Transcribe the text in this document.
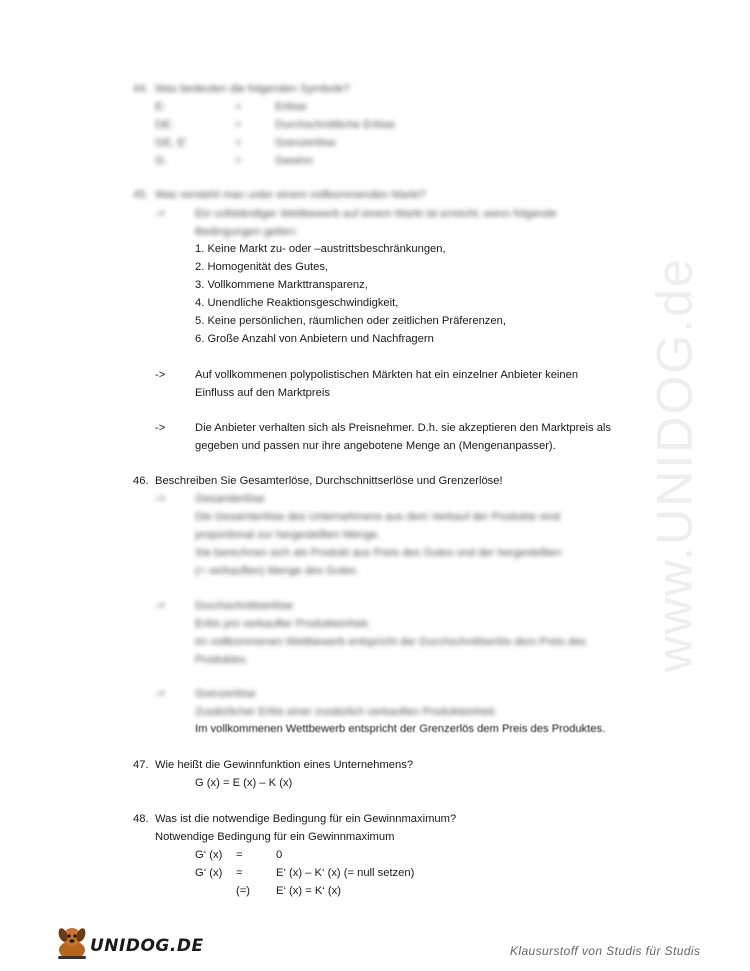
www.UNIDOG.de
44. Was bedeuten die folgenden Symbole?
E:	=	Erlöse
DE:	=	Durchschnittliche Erlöse
GE, E'	=	Grenzerlöse
G:	=	Gewinn
45. Was versteht man unter einem vollkommenden Markt?
->	Ein vollständiger Wettbewerb auf einem Markt ist erreicht, wenn folgende
Bedingungen gelten:
1. Keine Markt zu- oder –austrittsbeschränkungen,
2. Homogenität des Gutes,
3. Vollkommene Markttransparenz,
4. Unendliche Reaktionsgeschwindigkeit,
5. Keine persönlichen, räumlichen oder zeitlichen Präferenzen,
6. Große Anzahl von Anbietern und Nachfragern
->	Auf vollkommenen polypolistischen Märkten hat ein einzelner Anbieter keinen
Einfluss auf den Marktpreis
->	Die Anbieter verhalten sich als Preisnehmer. D.h. sie akzeptieren den Marktpreis als
gegeben und passen nur ihre angebotene Menge an (Mengenanpasser).
46. Beschreiben Sie Gesamterlöse, Durchschnittserlöse und Grenzerlöse!
->	Gesamterlöse
Die Gesamterlöse des Unternehmens aus dem Verkauf der Produkte sind
proportional zur hergestellten Menge.
Sie berechnen sich als Produkt aus Preis des Gutes und der hergestellten
(= verkauften) Menge des Gutes.
->	Durchschnittserlöse
Erlös pro verkaufter Produkteinheit.
Im vollkommenen Wettbewerb entspricht der Durchschnittserlös dem Preis des
Produktes.
->	Grenzerlöse
Zusätzlicher Erlös einer zusätzlich verkauften Produkteinheit.
Im vollkommenen Wettbewerb entspricht der Grenzerlös dem Preis des Produktes.
47. Wie heißt die Gewinnfunktion eines Unternehmens?
G (x) = E (x) – K (x)
48. Was ist die notwendige Bedingung für ein Gewinnmaximum?
Notwendige Bedingung für ein Gewinnmaximum
G‘ (x) =	0
G‘ (x) =	E‘ (x) – K‘ (x) (= null setzen)
(=) E‘ (x) = K‘ (x)
UNIDOG.DE	Klausurstoff von Studis für Studis
